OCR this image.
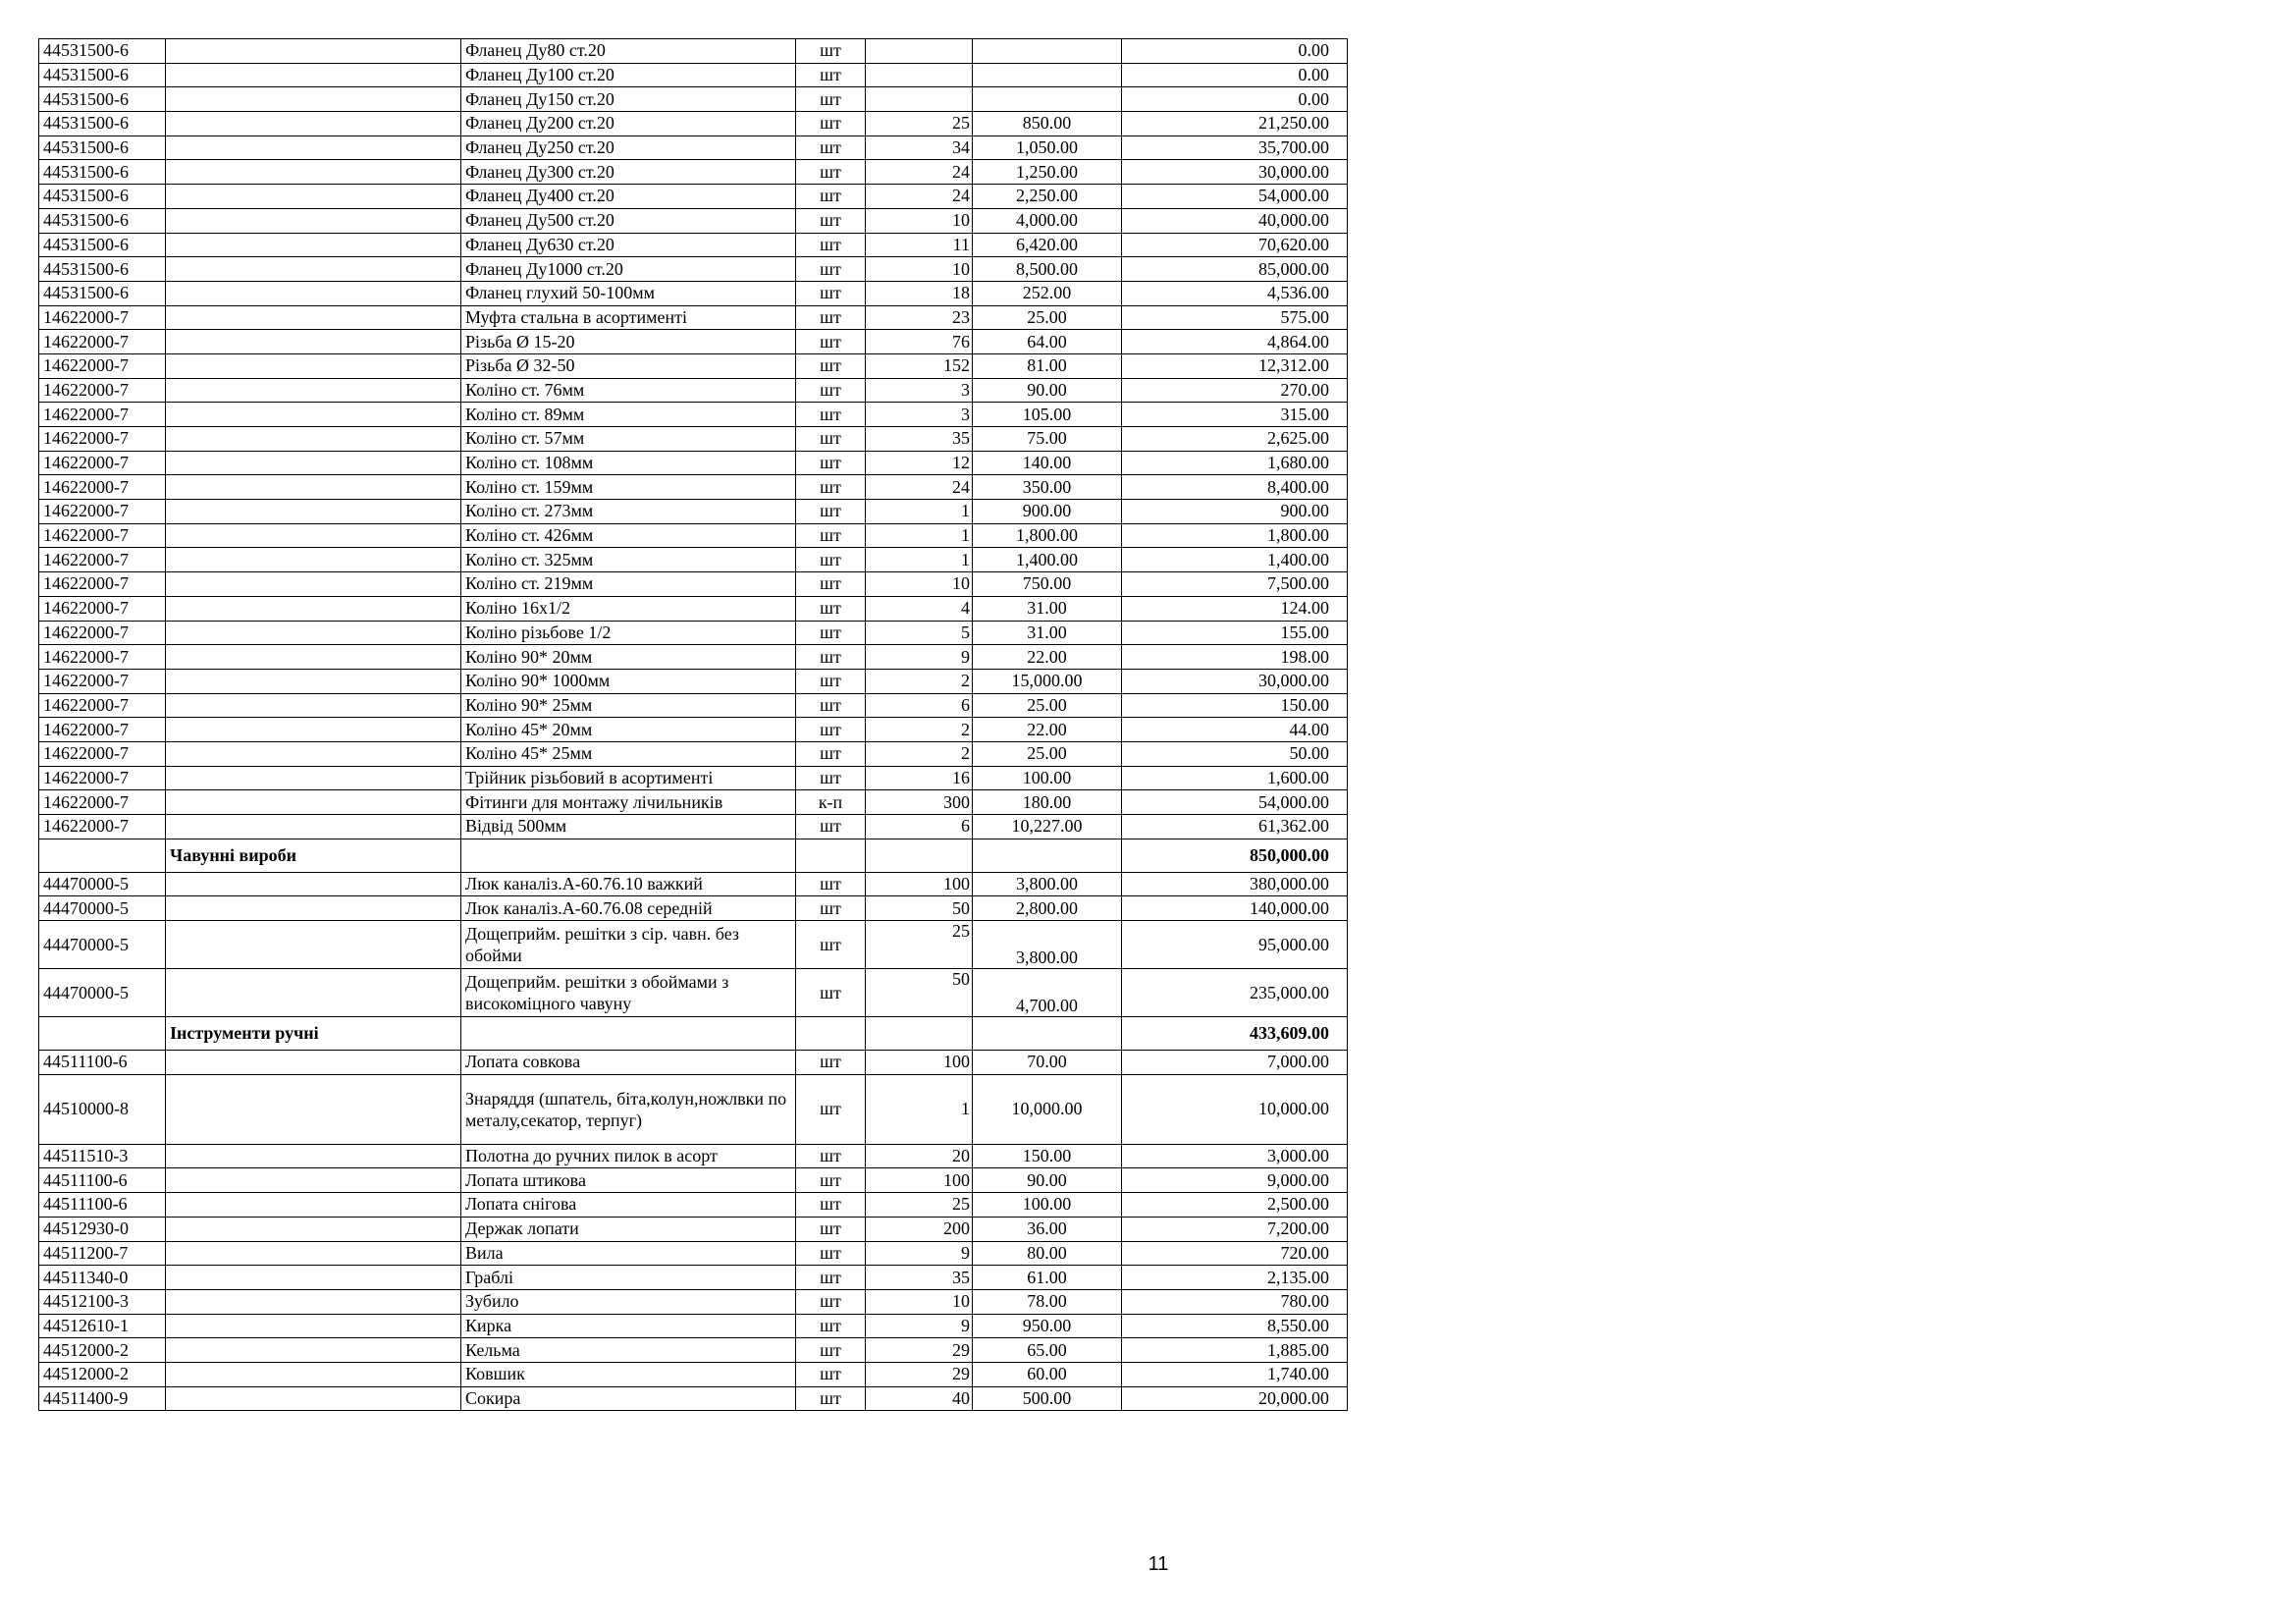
44531500-6		Фланец Ду80 ст.20	шт			0.00
44531500-6		Фланец Ду100 ст.20	шт			0.00
44531500-6		Фланец Ду150 ст.20	шт			0.00
44531500-6		Фланец Ду200 ст.20	шт	25	850.00	21,250.00
44531500-6		Фланец Ду250 ст.20	шт	34	1,050.00	35,700.00
44531500-6		Фланец Ду300 ст.20	шт	24	1,250.00	30,000.00
44531500-6		Фланец Ду400 ст.20	шт	24	2,250.00	54,000.00
44531500-6		Фланец Ду500 ст.20	шт	10	4,000.00	40,000.00
44531500-6		Фланец Ду630 ст.20	шт	11	6,420.00	70,620.00
44531500-6		Фланец Ду1000 ст.20	шт	10	8,500.00	85,000.00
44531500-6		Фланец глухий 50-100мм	шт	18	252.00	4,536.00
14622000-7		Муфта стальна в асортименті	шт	23	25.00	575.00
14622000-7		Різьба Ø 15-20	шт	76	64.00	4,864.00
14622000-7		Різьба Ø 32-50	шт	152	81.00	12,312.00
14622000-7		Коліно ст. 76мм	шт	3	90.00	270.00
14622000-7		Коліно ст. 89мм	шт	3	105.00	315.00
14622000-7		Коліно ст. 57мм	шт	35	75.00	2,625.00
14622000-7		Коліно ст. 108мм	шт	12	140.00	1,680.00
14622000-7		Коліно ст. 159мм	шт	24	350.00	8,400.00
14622000-7		Коліно ст. 273мм	шт	1	900.00	900.00
14622000-7		Коліно ст. 426мм	шт	1	1,800.00	1,800.00
14622000-7		Коліно ст. 325мм	шт	1	1,400.00	1,400.00
14622000-7		Коліно ст. 219мм	шт	10	750.00	7,500.00
14622000-7		Коліно 16х1/2	шт	4	31.00	124.00
14622000-7		Коліно різьбове 1/2	шт	5	31.00	155.00
14622000-7		Коліно 90* 20мм	шт	9	22.00	198.00
14622000-7		Коліно 90* 1000мм	шт	2	15,000.00	30,000.00
14622000-7		Коліно 90* 25мм	шт	6	25.00	150.00
14622000-7		Коліно 45* 20мм	шт	2	22.00	44.00
14622000-7		Коліно 45* 25мм	шт	2	25.00	50.00
14622000-7		Трійник різьбовий в асортименті	шт	16	100.00	1,600.00
14622000-7		Фітинги для монтажу лічильників	к-п	300	180.00	54,000.00
14622000-7		Відвід 500мм	шт	6	10,227.00	61,362.00
	Чавунні вироби					850,000.00
44470000-5		Люк каналіз.А-60.76.10 важкий	шт	100	3,800.00	380,000.00
44470000-5		Люк каналіз.А-60.76.08 середній	шт	50	2,800.00	140,000.00
44470000-5		Дощеприйм. решітки з сір. чавн. без обойми	шт	25	3,800.00	95,000.00
44470000-5		Дощеприйм. решітки з обоймами з високоміцного чавуну	шт	50	4,700.00	235,000.00
	Інструменти ручні					433,609.00
44511100-6		Лопата совкова	шт	100	70.00	7,000.00
44510000-8		Знаряддя (шпатель, біта,колун,ножлвки по металу,секатор, терпуг)	шт	1	10,000.00	10,000.00
44511510-3		Полотна до ручних пилок в асорт	шт	20	150.00	3,000.00
44511100-6		Лопата штикова	шт	100	90.00	9,000.00
44511100-6		Лопата снігова	шт	25	100.00	2,500.00
44512930-0		Держак лопати	шт	200	36.00	7,200.00
44511200-7		Вила	шт	9	80.00	720.00
44511340-0		Граблі	шт	35	61.00	2,135.00
44512100-3		Зубило	шт	10	78.00	780.00
44512610-1		Кирка	шт	9	950.00	8,550.00
44512000-2		Кельма	шт	29	65.00	1,885.00
44512000-2		Ковшик	шт	29	60.00	1,740.00
44511400-9		Сокира	шт	40	500.00	20,000.00
11
